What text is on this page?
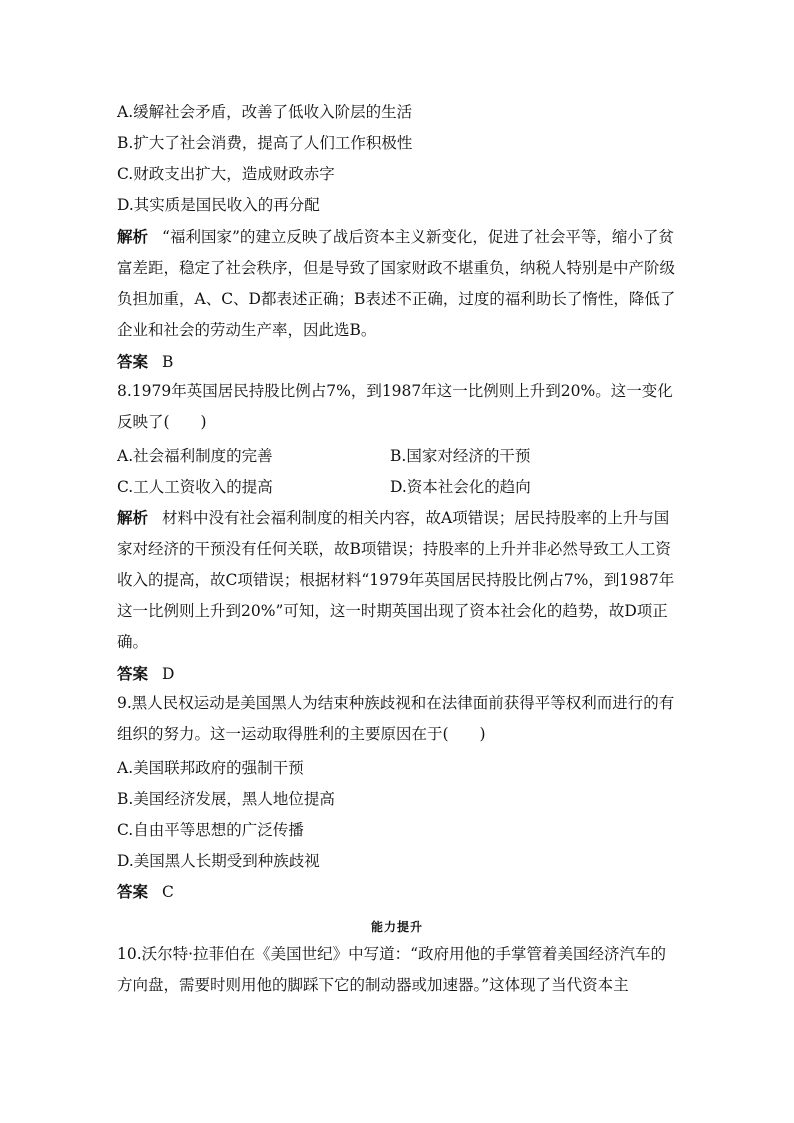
A.缓解社会矛盾，改善了低收入阶层的生活
B.扩大了社会消费，提高了人们工作积极性
C.财政支出扩大，造成财政赤字
D.其实质是国民收入的再分配
解析 “福利国家”的建立反映了战后资本主义新变化，促进了社会平等，缩小了贫富差距，稳定了社会秩序，但是导致了国家财政不堪重负，纳税人特别是中产阶级负担加重，A、C、D都表述正确；B表述不正确，过度的福利助长了惰性，降低了企业和社会的劳动生产率，因此选B。
答案 B
8.1979年英国居民持股比例占7%，到1987年这一比例则上升到20%。这一变化反映了(　　)
A.社会福利制度的完善	B.国家对经济的干预
C.工人工资收入的提高	D.资本社会化的趋向
解析 材料中没有社会福利制度的相关内容，故A项错误；居民持股率的上升与国家对经济的干预没有任何关联，故B项错误；持股率的上升并非必然导致工人工资收入的提高，故C项错误；根据材料“1979年英国居民持股比例占7%，到1987年这一比例则上升到20%”可知，这一时期英国出现了资本社会化的趋势，故D项正确。
答案 D
9.黑人民权运动是美国黑人为结束种族歧视和在法律面前获得平等权利而进行的有组织的努力。这一运动取得胜利的主要原因在于(　　)
A.美国联邦政府的强制干预
B.美国经济发展，黑人地位提高
C.自由平等思想的广泛传播
D.美国黑人长期受到种族歧视
答案 C
能力提升
10.沃尔特·拉菲伯在《美国世纪》中写道：“政府用他的手掌管着美国经济汽车的方向盘，需要时则用他的脚踩下它的制动器或加速器。”这体现了当代资本主
